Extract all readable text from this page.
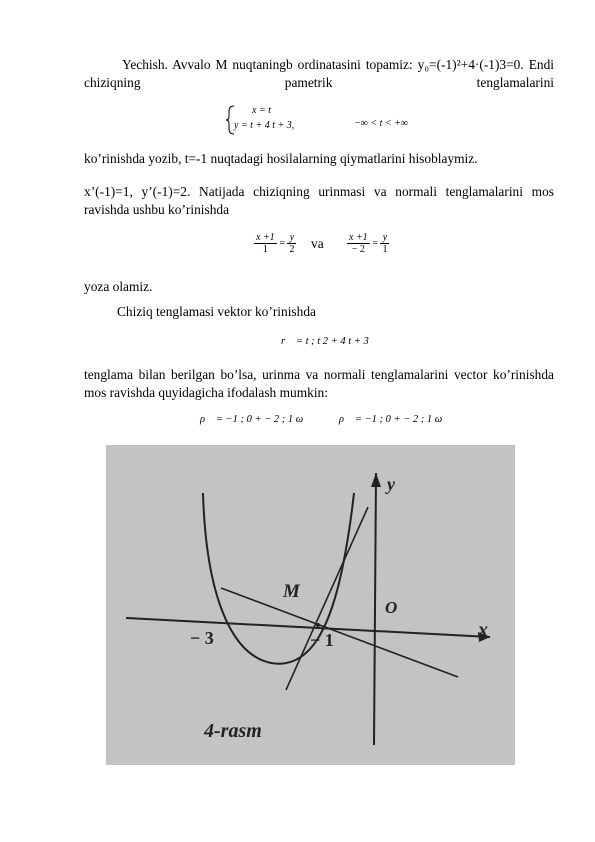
Yechish. Avvalo M nuqtaningb ordinatasini topamiz: y₀=(-1)²+4·(-1)3=0. Endi chiziqning pametrik tenglamalarini
x = t
y = t + 4 t + 3,	−∞ < t < +∞
ko’rinishda yozib, t=-1 nuqtadagi hosilalarning qiymatlarini hisoblaymiz.
x’(-1)=1, y’(-1)=2. Natijada chiziqning urinmasi va normali tenglamalarini mos ravishda ushbu ko’rinishda
$\frac{x +1}{1} = \frac{y}{2}$ va $\frac{x +1}{- 2} = \frac{y}{1}$
yoza olamiz.
Chiziq tenglamasi vektor ko’rinishda
r⃗ = t ; t 2 + 4 t + 3
tenglama bilan berilgan bo’lsa, urinma va normali tenglamalarini vector ko’rinishda mos ravishda quyidagicha ifodalash mumkin:
ρ⃗ = −1 ; 0 + − 2 ; 1 ω	ρ⃗ = −1 ; 0 + − 2 ; 1 ω
y
x
M
O
− 3	− 1
4-rasm
